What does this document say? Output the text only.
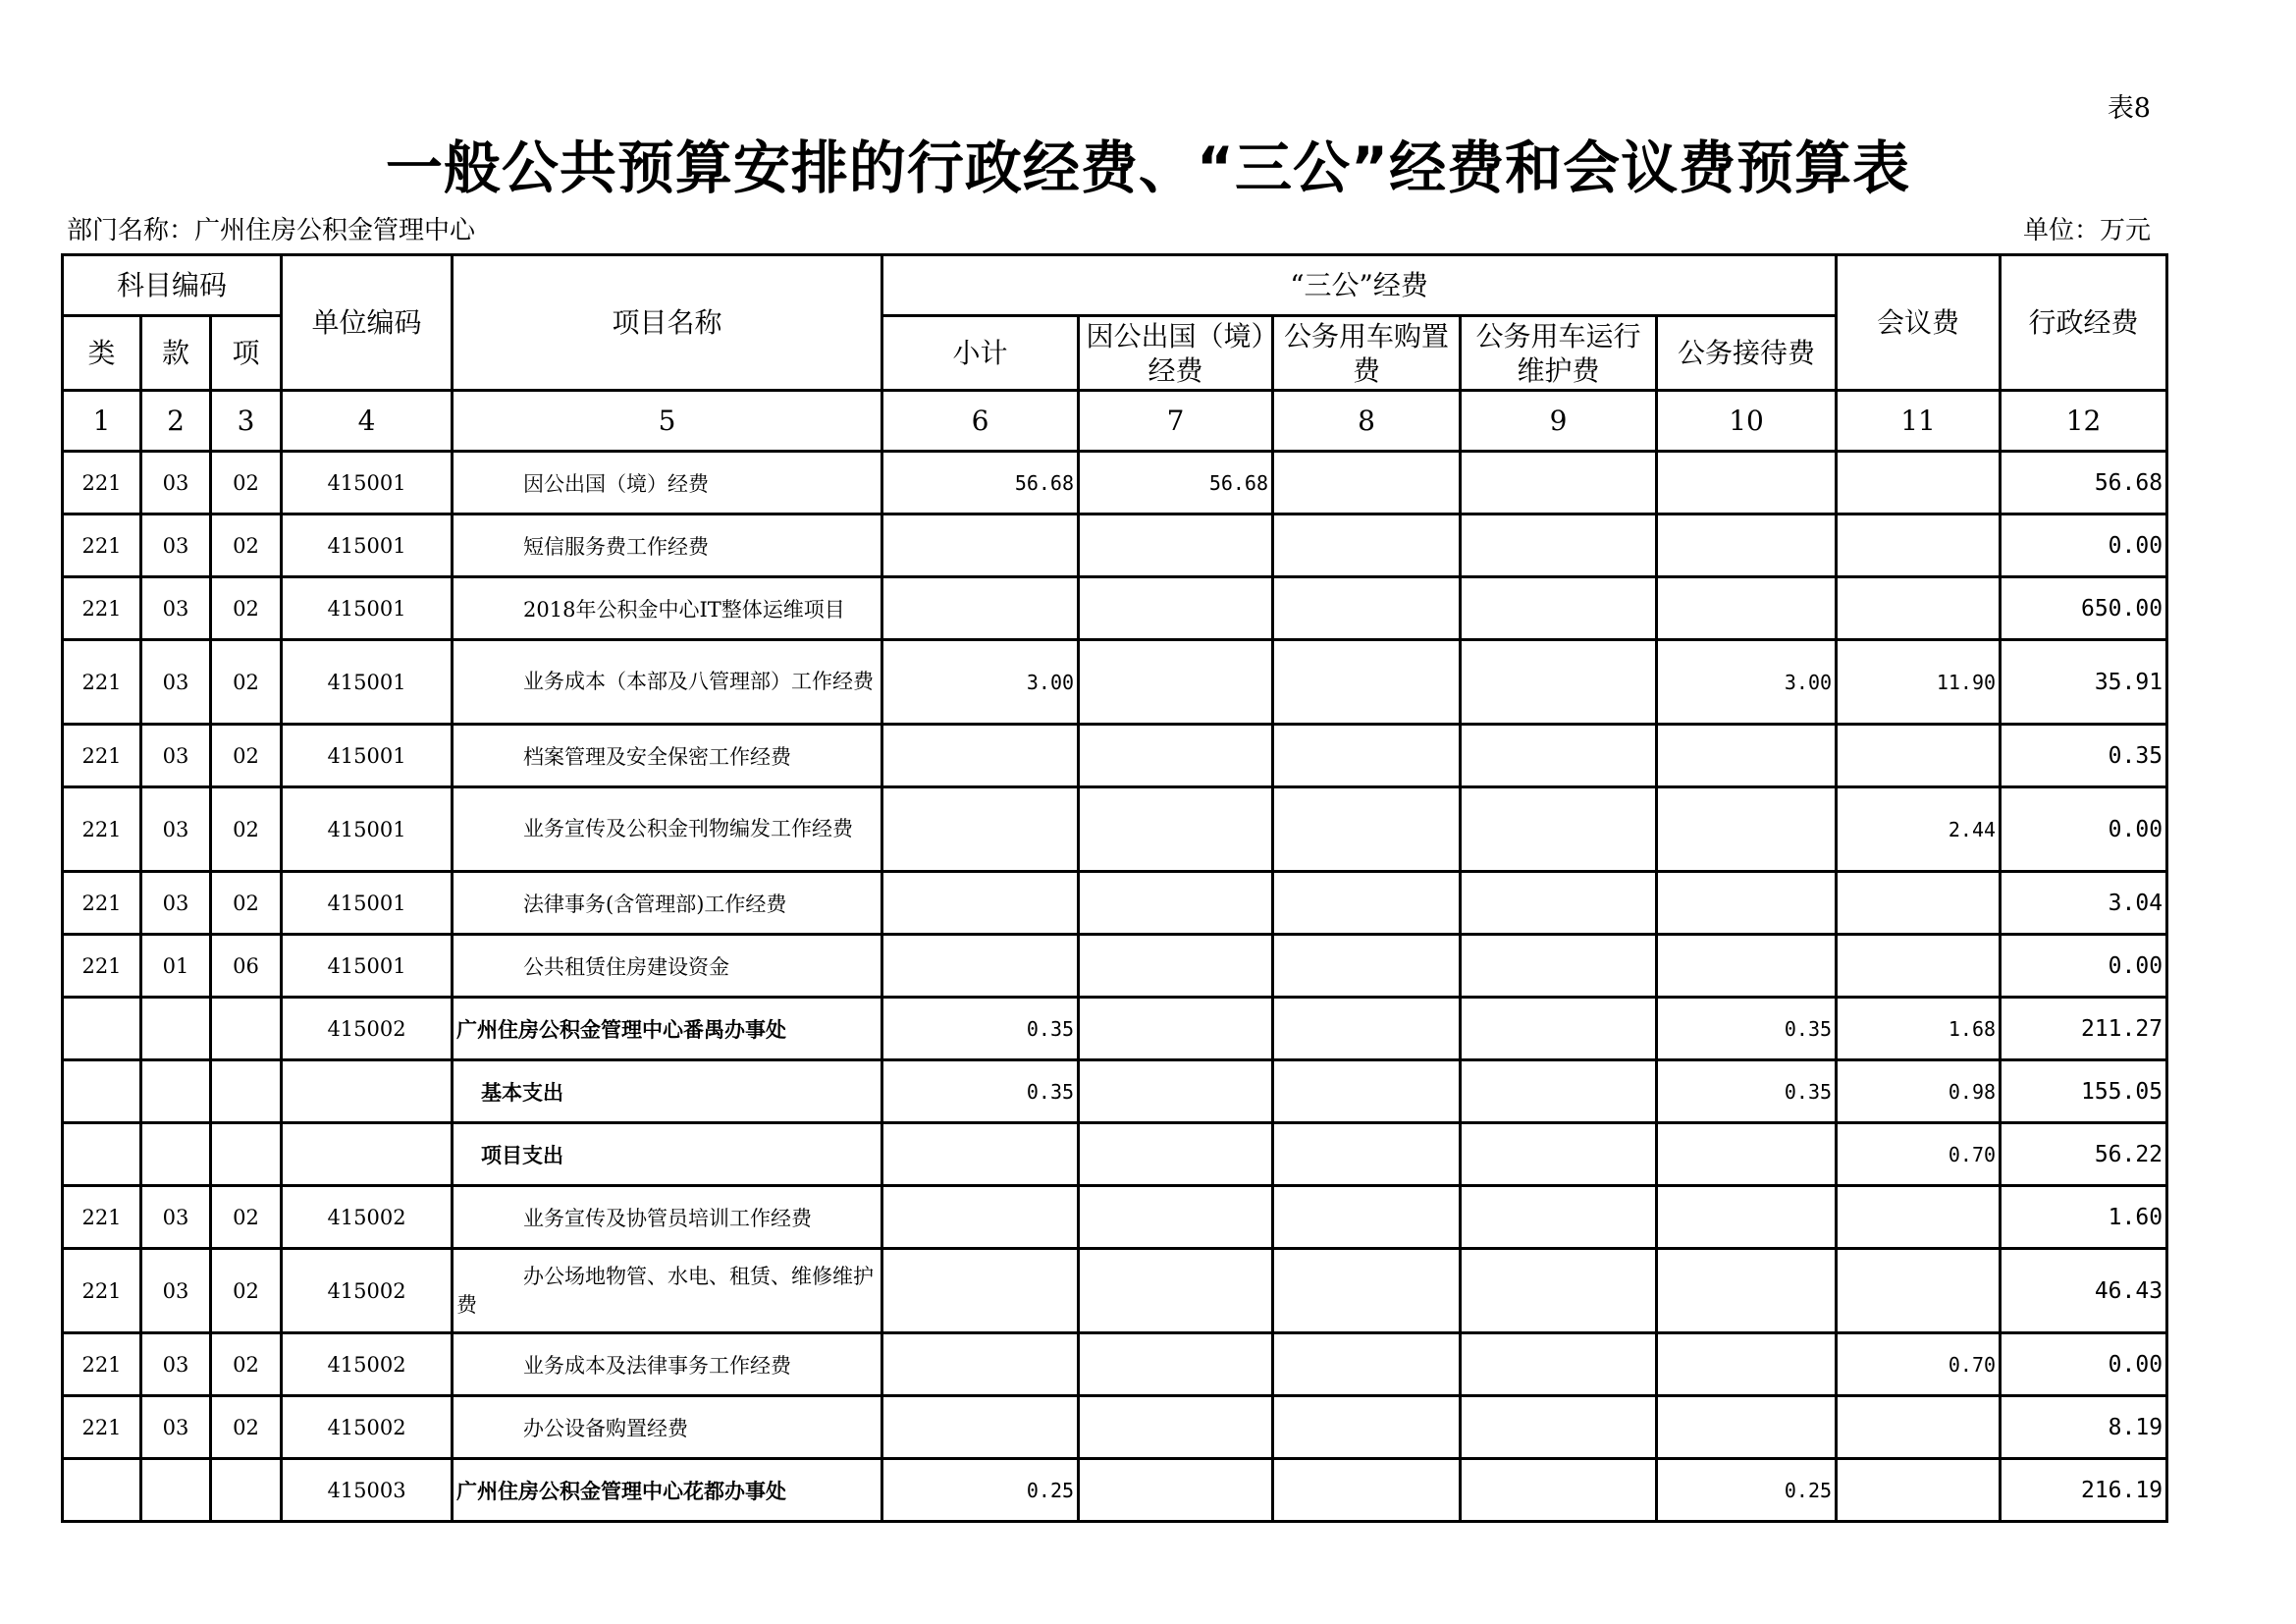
表8
一般公共预算安排的行政经费、“三公”经费和会议费预算表
部门名称：广州住房公积金管理中心	单位：万元
科目编码			单位编码	项目名称	“三公”经费					会议费	行政经费
类	款	项			小计	因公出国（境）经费	公务用车购置费	公务用车运行维护费	公务接待费		
1	2	3	4	5	6	7	8	9	10	11	12
221	03	02	415001	因公出国（境）经费	56.68	56.68					56.68
221	03	02	415001	短信服务费工作经费							0.00
221	03	02	415001	2018年公积金中心IT整体运维项目							650.00
221	03	02	415001	业务成本（本部及八管理部）工作经费	3.00				3.00	11.90	35.91
221	03	02	415001	档案管理及安全保密工作经费							0.35
221	03	02	415001	业务宣传及公积金刊物编发工作经费						2.44	0.00
221	03	02	415001	法律事务(含管理部)工作经费							3.04
221	01	06	415001	公共租赁住房建设资金							0.00
			415002	广州住房公积金管理中心番禺办事处	0.35				0.35	1.68	211.27
				基本支出	0.35				0.35	0.98	155.05
				项目支出						0.70	56.22
221	03	02	415002	业务宣传及协管员培训工作经费							1.60
221	03	02	415002	办公场地物管、水电、租赁、维修维护费							46.43
221	03	02	415002	业务成本及法律事务工作经费						0.70	0.00
221	03	02	415002	办公设备购置经费							8.19
			415003	广州住房公积金管理中心花都办事处	0.25				0.25		216.19
